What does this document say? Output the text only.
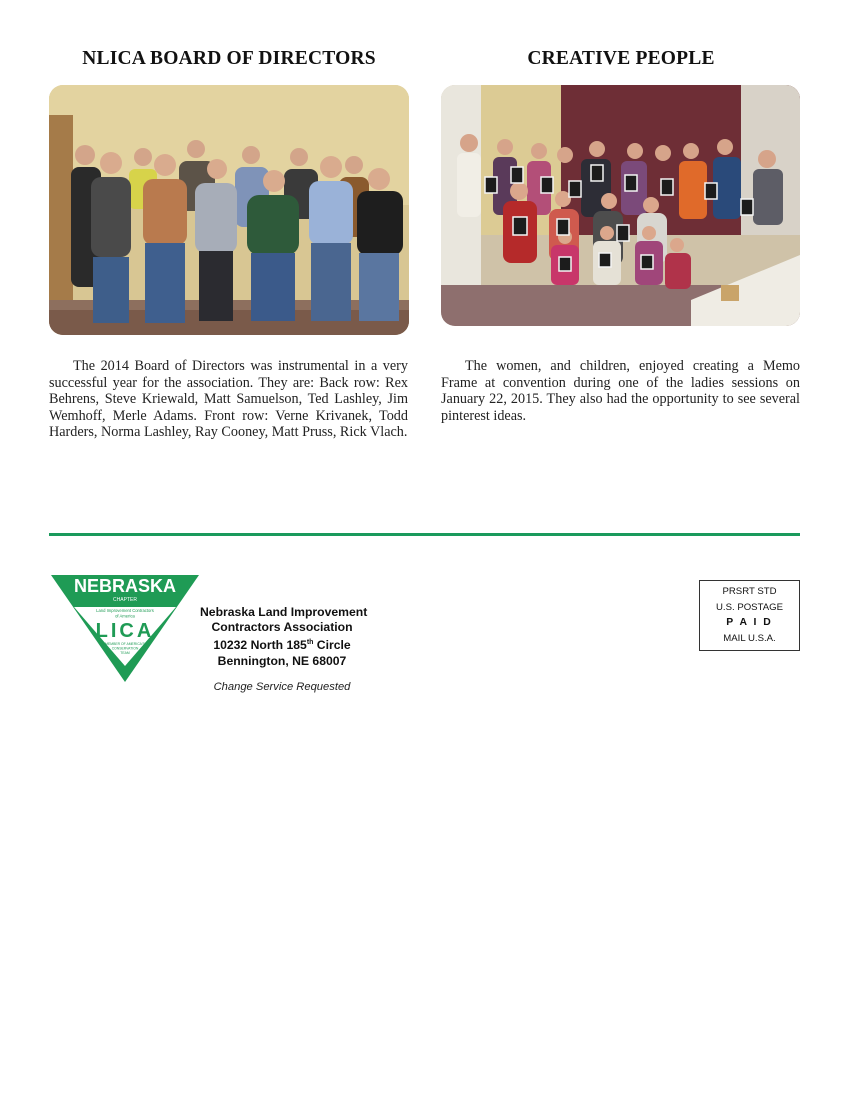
NLICA BOARD OF DIRECTORS
The 2014 Board of Directors was instrumental in a very successful year for the association. They are: Back row: Rex Behrens, Steve Kriewald, Matt Samuelson, Ted Lashley, Jim Wemhoff, Merle Adams. Front row: Verne Krivanek, Todd Harders, Norma Lashley, Ray Cooney, Matt Pruss, Rick Vlach.
CREATIVE PEOPLE
The women, and children, enjoyed creating a Memo Frame at convention during one of the ladies sessions on January 22, 2015. They also had the opportunity to see several pinterest ideas.
NEBRASKA
CHAPTER
Land Improvement Contractors
of America
LICA
MEMBER OF AMERICA'S
CONSERVATION
TEAM
Nebraska Land Improvement
Contractors Association
10232 North 185th Circle
Bennington, NE 68007
Change Service Requested
PRSRT STD
U.S. POSTAGE
P A I D
MAIL U.S.A.
